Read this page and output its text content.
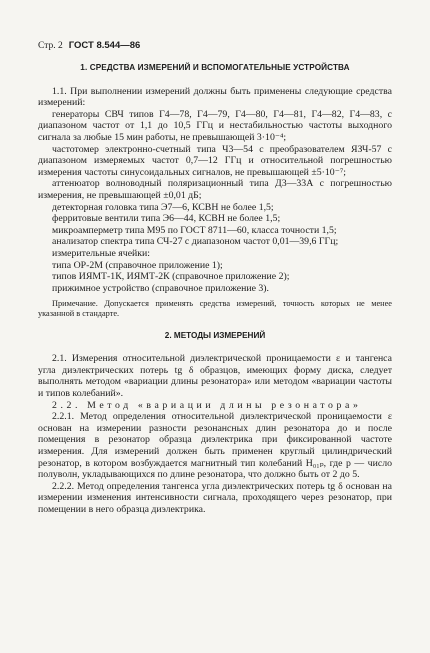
Стр. 2 ГОСТ 8.544—86
1. СРЕДСТВА ИЗМЕРЕНИЙ И ВСПОМОГАТЕЛЬНЫЕ УСТРОЙСТВА

1.1. При выполнении измерений должны быть применены следующие средства измерений:

генераторы СВЧ типов Г4—78, Г4—79, Г4—80, Г4—81, Г4—82, Г4—83, с диапазоном частот от 1,1 до 10,5 ГГц и нестабильностью частоты выходного сигнала за любые 15 мин работы, не превышающей 3·10⁻⁴;

частотомер электронно-счетный типа Ч3—54 с преобразователем ЯЗЧ-57 с диапазоном измеряемых частот 0,7—12 ГГц и относительной погрешностью измерения частоты синусоидальных сигналов, не превышающей ±5·10⁻⁷;

аттенюатор волноводный поляризационный типа Д3—33А с погрешностью измерения, не превышающей ±0,01 дБ;

детекторная головка типа Э7—6, КСВН не более 1,5;

ферритовые вентили типа Э6—44, КСВН не более 1,5;

микроамперметр типа М95 по ГОСТ 8711—60, класса точности 1,5;

анализатор спектра типа СЧ-27 с диапазоном частот 0,01—39,6 ГГц;

измерительные ячейки:

типа ОР-2М (справочное приложение 1);

типов ИЯМТ-1К, ИЯМТ-2К (справочное приложение 2);

прижимное устройство (справочное приложение 3).

Примечание. Допускается применять средства измерений, точность которых не менее указанной в стандарте.

2. МЕТОДЫ ИЗМЕРЕНИЙ

2.1. Измерения относительной диэлектрической проницаемости ε и тангенса угла диэлектрических потерь tg δ образцов, имеющих форму диска, следует выполнять методом «вариации длины резонатора» или методом «вариации частоты и типов колебаний».

2.2. Метод «вариации длины резонатора»

2.2.1. Метод определения относительной диэлектрической проницаемости ε основан на измерении разности резонансных длин резонатора до и после помещения в резонатор образца диэлектрика при фиксированной частоте измерения. Для измерений должен быть применен круглый цилиндрический резонатор, в котором возбуждается магнитный тип колебаний H₀₁ₚ, где p — число полуволн, укладывающихся по длине резонатора, что должно быть от 2 до 5.

2.2.2. Метод определения тангенса угла диэлектрических потерь tg δ основан на измерении изменения интенсивности сигнала, проходящего через резонатор, при помещении в него образца диэлектрика.
